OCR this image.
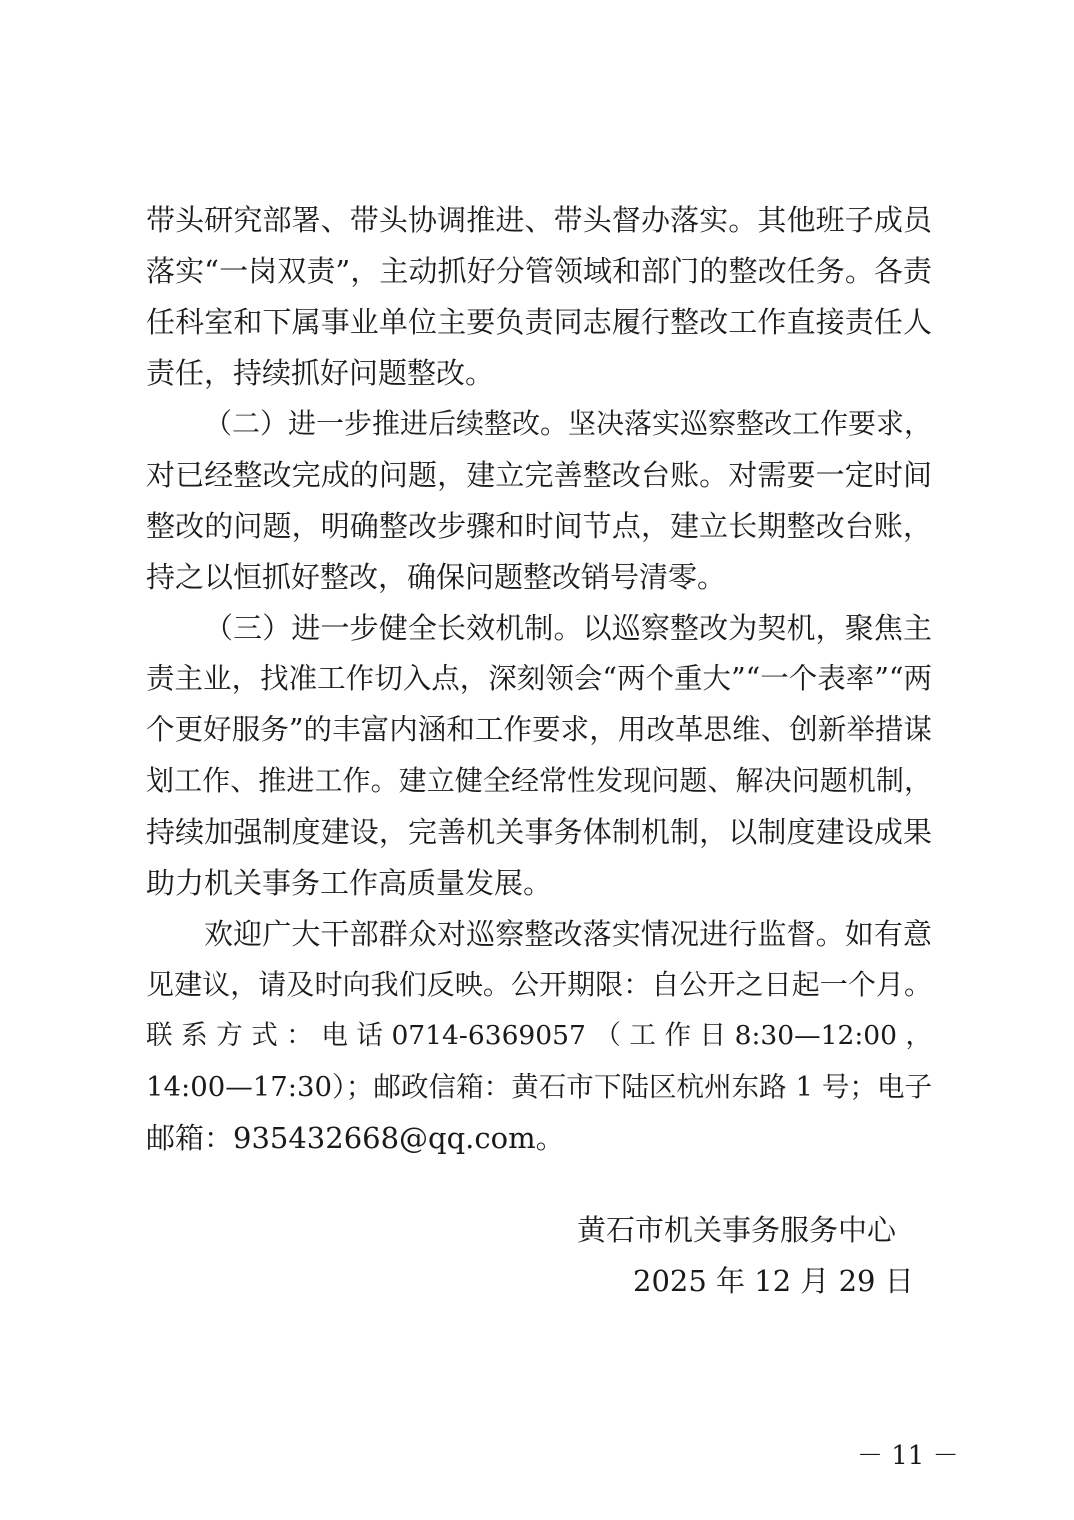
带头研究部署、带头协调推进、带头督办落实。其他班子成员
落实“一岗双责”，主动抓好分管领域和部门的整改任务。各责
任科室和下属事业单位主要负责同志履行整改工作直接责任人
责任，持续抓好问题整改。
（二）进一步推进后续整改。坚决落实巡察整改工作要求，
对已经整改完成的问题，建立完善整改台账。对需要一定时间
整改的问题，明确整改步骤和时间节点，建立长期整改台账，
持之以恒抓好整改，确保问题整改销号清零。
（三）进一步健全长效机制。以巡察整改为契机，聚焦主
责主业，找准工作切入点，深刻领会“两个重大”“一个表率”“两
个更好服务”的丰富内涵和工作要求，用改革思维、创新举措谋
划工作、推进工作。建立健全经常性发现问题、解决问题机制，
持续加强制度建设，完善机关事务体制机制，以制度建设成果
助力机关事务工作高质量发展。
欢迎广大干部群众对巡察整改落实情况进行监督。如有意
见建议，请及时向我们反映。公开期限：自公开之日起一个月。
联 系 方 式 ： 电 话 0714-6369057 （ 工 作 日 8:30—12:00 ，
14:00—17:30）；邮政信箱：黄石市下陆区杭州东路 1 号；电子
邮箱：935432668@qq.com。
黄石市机关事务服务中心
2025 年 12 月 29 日
－ 11 －
